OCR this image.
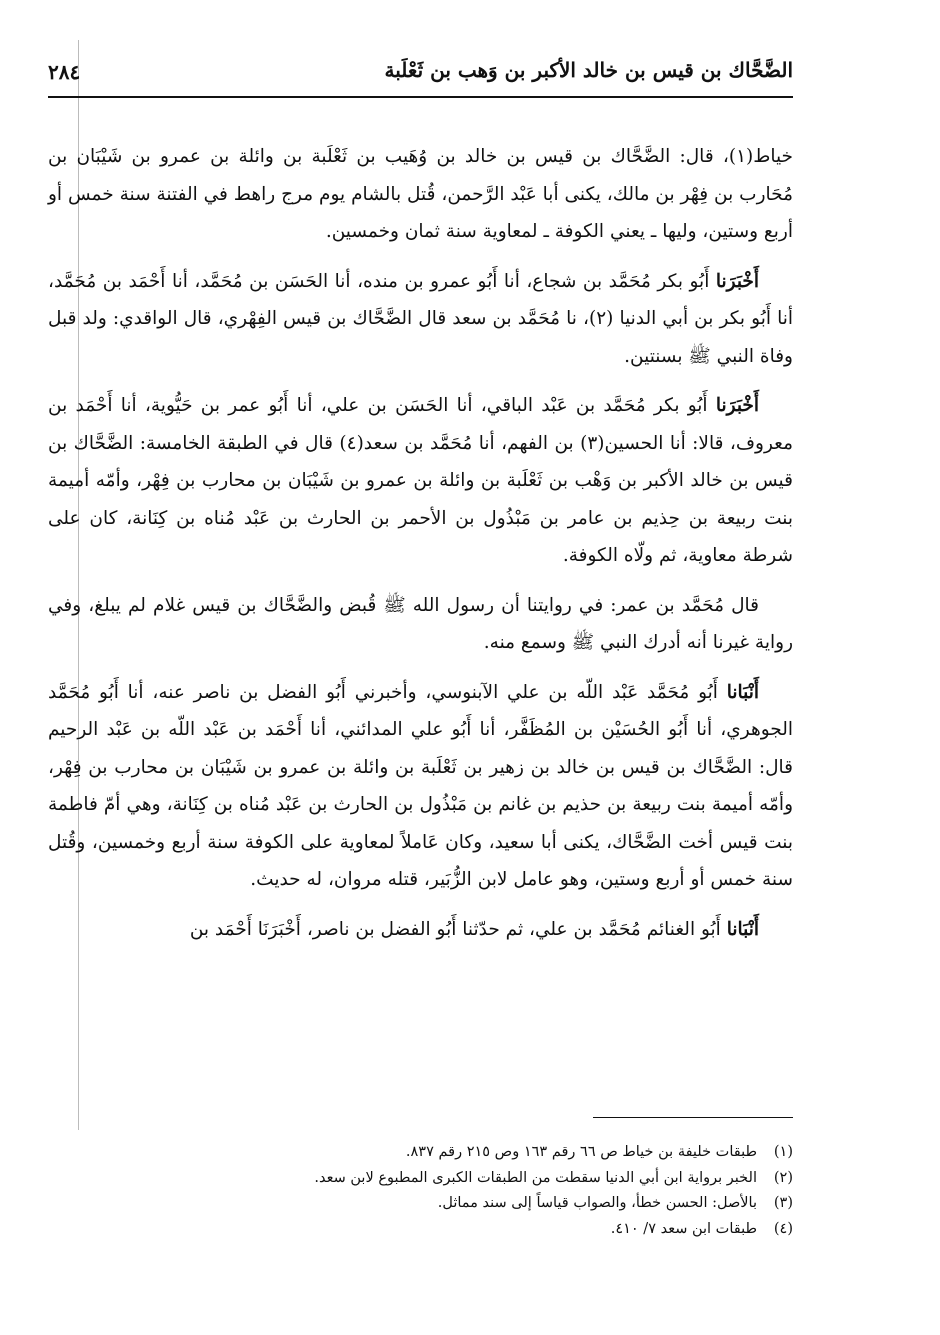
الضَّحَّاك بن قيس بن خالد الأكبر بن وَهب بن ثَعْلَبة
٢٨٤

خياط(١)، قال: الضَّحَّاك بن قيس بن خالد بن وُهَيب بن ثَعْلَبة بن وائلة بن عمرو بن شَيْبَان بن مُحَارب بن فِهْر بن مالك، يكنى أبا عَبْد الرَّحمن، قُتل بالشام يوم مرج راهط في الفتنة سنة خمس أو أربع وستين، وليها ـ يعني الكوفة ـ لمعاوية سنة ثمان وخمسين.

أَخْبَرَنا أَبُو بكر مُحَمَّد بن شجاع، أنا أَبُو عمرو بن منده، أنا الحَسَن بن مُحَمَّد، أنا أَحْمَد بن مُحَمَّد، أنا أَبُو بكر بن أبي الدنيا (٢)، نا مُحَمَّد بن سعد قال الضَّحَّاك بن قيس الفِهْري، قال الواقدي: ولد قبل وفاة النبي ﷺ بسنتين.

أَخْبَرَنا أَبُو بكر مُحَمَّد بن عَبْد الباقي، أنا الحَسَن بن علي، أنا أَبُو عمر بن حَيُّوية، أنا أَحْمَد بن معروف، قالا: أنا الحسين(٣) بن الفهم، أنا مُحَمَّد بن سعد(٤) قال في الطبقة الخامسة: الضَّحَّاك بن قيس بن خالد الأكبر بن وَهْب بن ثَعْلَبة بن وائلة بن عمرو بن شَيْبَان بن محارب بن فِهْر، وأمّه أميمة بنت ربيعة بن حِذيم بن عامر بن مَبْذُول بن الأحمر بن الحارث بن عَبْد مُناه بن كِنَانة، كان على شرطة معاوية، ثم ولّاه الكوفة.

قال مُحَمَّد بن عمر: في روايتنا أن رسول الله ﷺ قُبض والضَّحَّاك بن قيس غلام لم يبلغ، وفي رواية غيرنا أنه أدرك النبي ﷺ وسمع منه.

أَنْبَانا أَبُو مُحَمَّد عَبْد اللّه بن علي الآبنوسي، وأخبرني أَبُو الفضل بن ناصر عنه، أنا أَبُو مُحَمَّد الجوهري، أنا أَبُو الحُسَيْن بن المُظَفَّر، أنا أَبُو علي المدائني، أنا أَحْمَد بن عَبْد اللّه بن عَبْد الرحيم قال: الضَّحَّاك بن قيس بن خالد بن زهير بن ثَعْلَبة بن وائلة بن عمرو بن شَيْبَان بن محارب بن فِهْر، وأمّه أميمة بنت ربيعة بن حذيم بن غانم بن مَبْذُول بن الحارث بن عَبْد مُناه بن كِنَانة، وهي أمّ فاطمة بنت قيس أخت الضَّحَّاك، يكنى أبا سعيد، وكان عَاملاً لمعاوية على الكوفة سنة أربع وخمسين، وقُتل سنة خمس أو أربع وستين، وهو عامل لابن الزُّبَير، قتله مروان، له حديث.

أَنْبَانا أَبُو الغنائم مُحَمَّد بن علي، ثم حدّثنا أَبُو الفضل بن ناصر، أَخْبَرَنَا أَحْمَد بن

(١)
طبقات خليفة بن خياط ص ٦٦ رقم ١٦٣ وص ٢١٥ رقم ٨٣٧.
(٢)
الخبر برواية ابن أبي الدنيا سقطت من الطبقات الكبرى المطبوع لابن سعد.
(٣)
بالأصل: الحسن خطأ، والصواب قياساً إلى سند مماثل.
(٤)
طبقات ابن سعد ٧/ ٤١٠.
